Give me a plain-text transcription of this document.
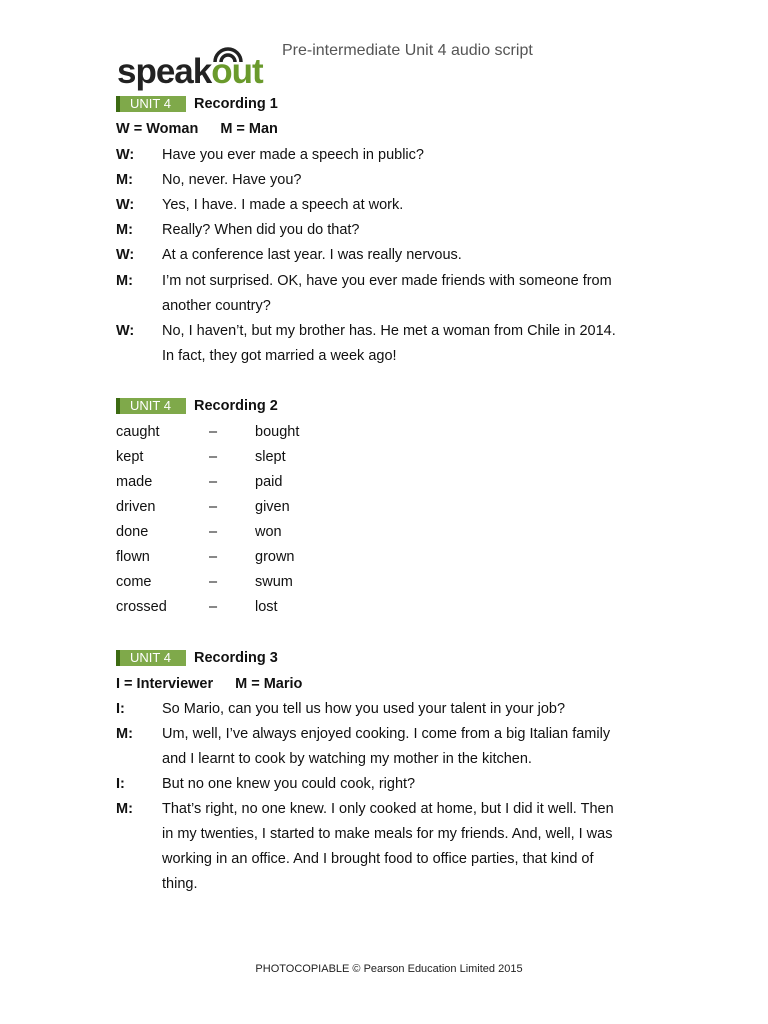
speakout
Pre-intermediate Unit 4 audio script
UNIT 4	Recording 1
W = Woman M = Man
W: Have you ever made a speech in public?
M: No, never. Have you?
W: Yes, I have. I made a speech at work.
M: Really? When did you do that?
W: At a conference last year. I was really nervous.
M: I’m not surprised. OK, have you ever made friends with someone from
another country?
W: No, I haven’t, but my brother has. He met a woman from Chile in 2014.
In fact, they got married a week ago!
UNIT 4	Recording 2
caught	–	bought
kept	–	slept
made	–	paid
driven	–	given
done	–	won
flown	–	grown
come	–	swum
crossed	–	lost
UNIT 4	Recording 3
I = Interviewer M = Mario
I:	So Mario, can you tell us how you used your talent in your job?
M: Um, well, I’ve always enjoyed cooking. I come from a big Italian family
and I learnt to cook by watching my mother in the kitchen.
I:	But no one knew you could cook, right?
M: That’s right, no one knew. I only cooked at home, but I did it well. Then
in my twenties, I started to make meals for my friends. And, well, I was
working in an office. And I brought food to office parties, that kind of
thing.
PHOTOCOPIABLE © Pearson Education Limited 2015
